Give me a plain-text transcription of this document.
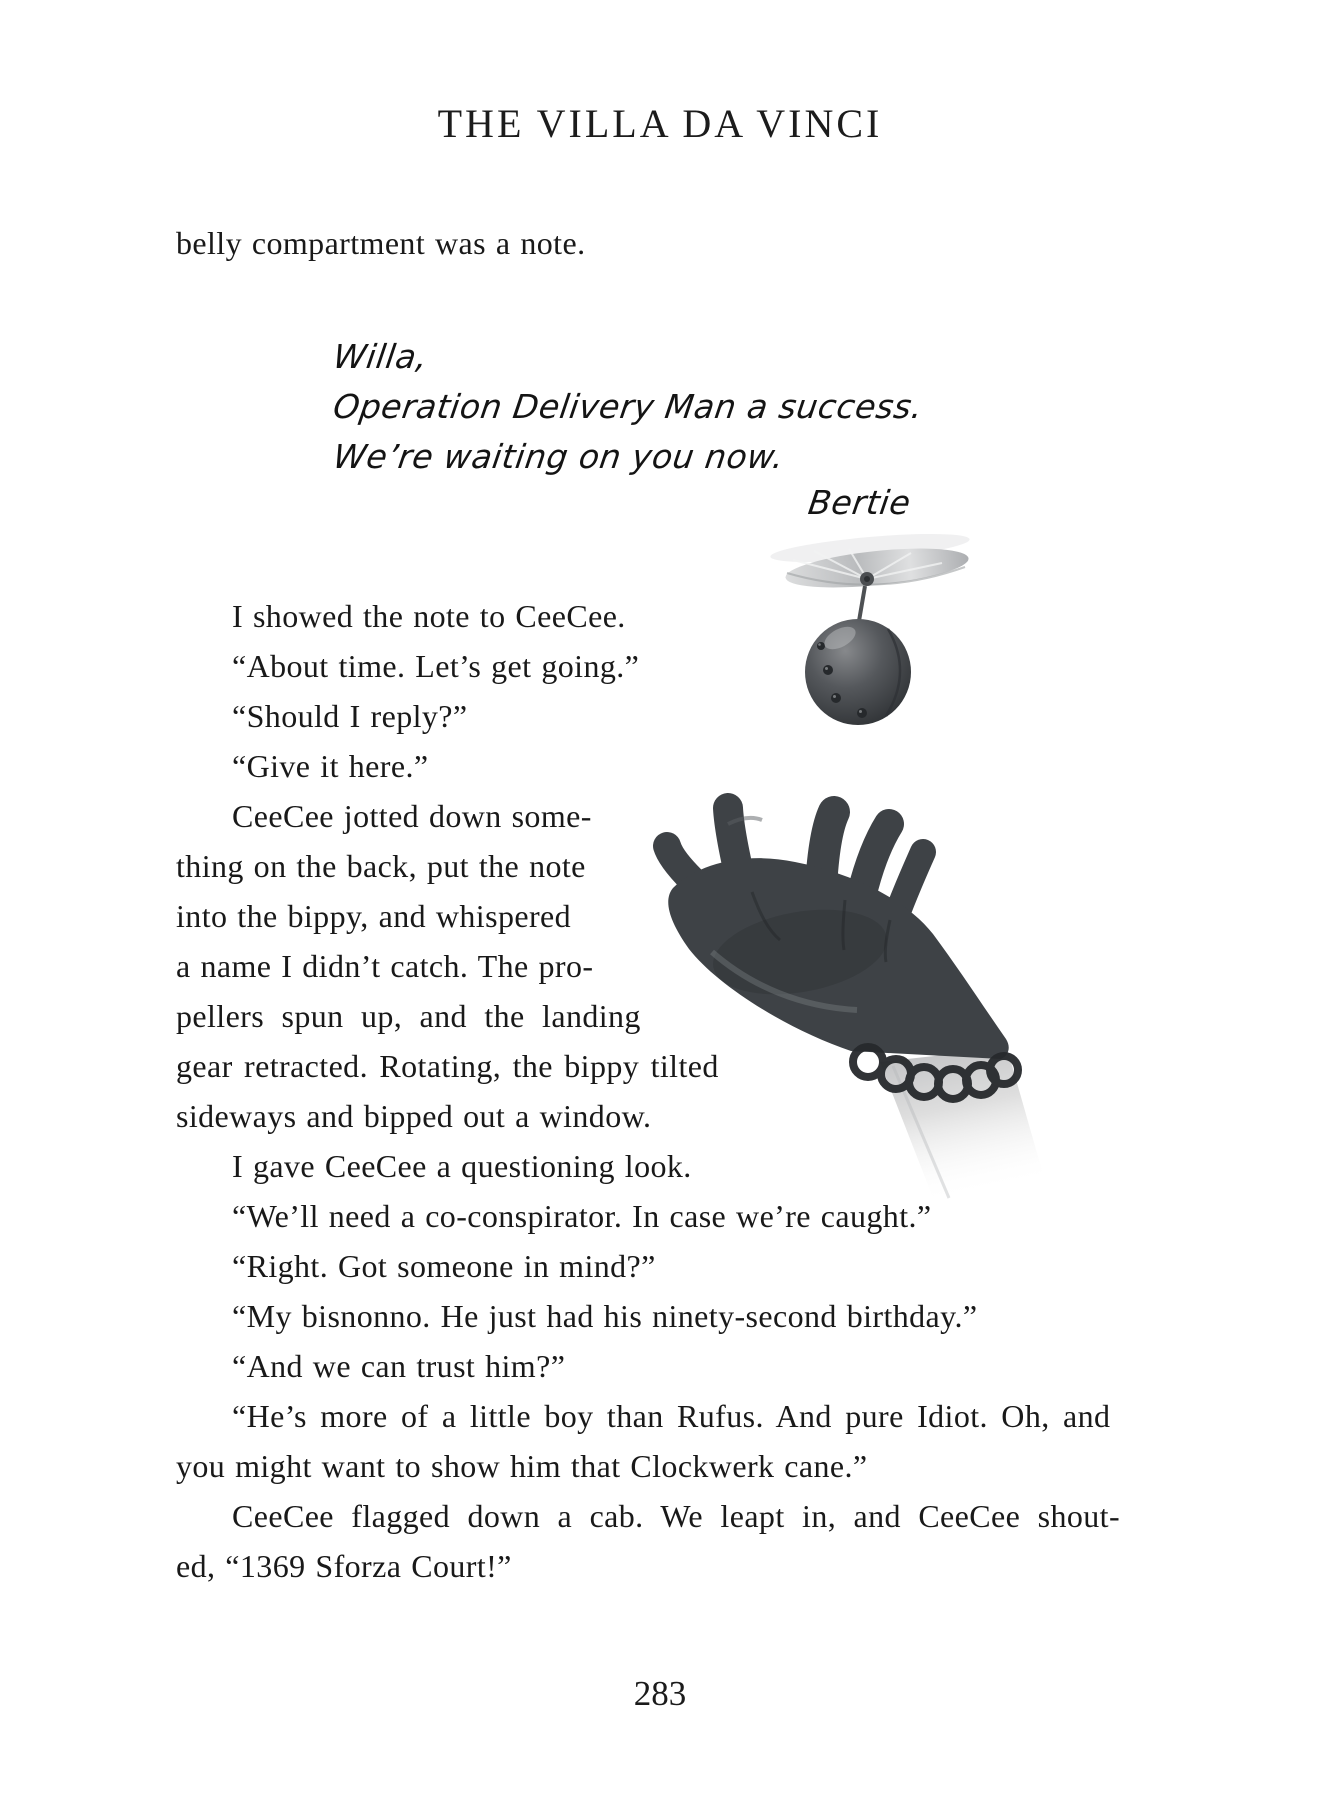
THE VILLA DA VINCI
Willa,
Operation Delivery Man a success.
We’re waiting on you now.
Bertie
belly compartment was a note.
I showed the note to CeeCee.
“About time. Let’s get going.”
“Should I reply?”
“Give it here.”
CeeCee jotted down some-
thing on the back, put the note
into the bippy, and whispered
a name I didn’t catch. The pro-
pellers spun up, and the landing
gear retracted. Rotating, the bippy tilted
sideways and bipped out a window.
I gave CeeCee a questioning look.
“We’ll need a co-conspirator. In case we’re caught.”
“Right. Got someone in mind?”
“My bisnonno. He just had his ninety-second birthday.”
“And we can trust him?”
“He’s more of a little boy than Rufus. And pure Idiot. Oh, and
you might want to show him that Clockwerk cane.”
CeeCee flagged down a cab. We leapt in, and CeeCee shout-
ed, “1369 Sforza Court!”
283
